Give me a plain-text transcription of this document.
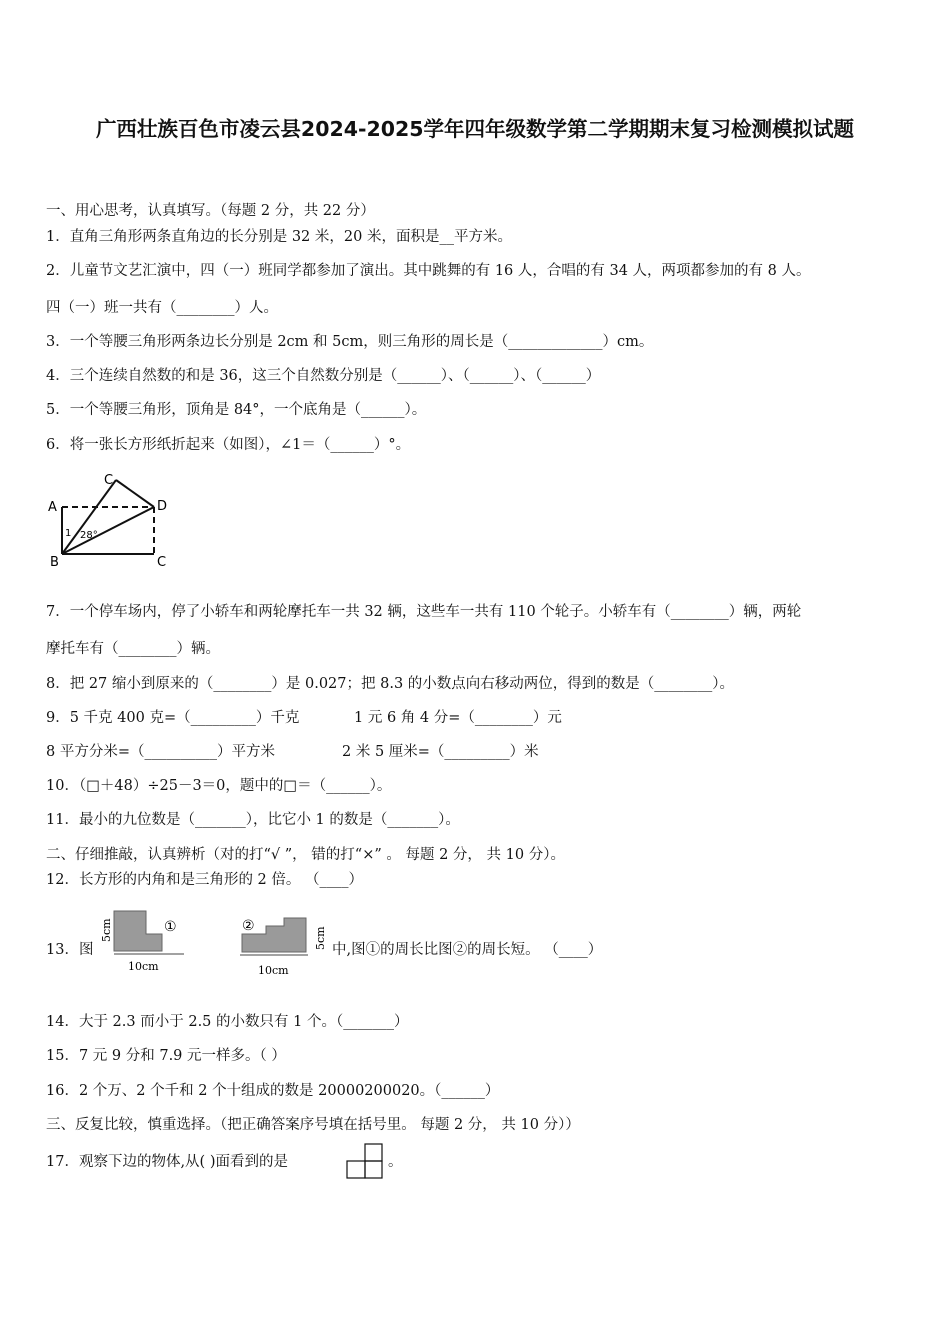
广西壮族百色市凌云县2024-2025学年四年级数学第二学期期末复习检测模拟试题
一、用心思考，认真填写。（每题 2 分，共 22 分）
1．直角三角形两条直角边的长分别是 32 米，20 米，面积是__平方米。
2．儿童节文艺汇演中，四（一）班同学都参加了演出。其中跳舞的有 16 人，合唱的有 34 人，两项都参加的有 8 人。
四（一）班一共有（________）人。
3．一个等腰三角形两条边长分别是 2cm 和 5cm，则三角形的周长是（_____________）cm。
4．三个连续自然数的和是 36，这三个自然数分别是（______）、（______）、（______）
5．一个等腰三角形，顶角是 84°，一个底角是（______）。
6．将一张长方形纸折起来（如图），∠1＝（______）°。
A
B
C
C
D
1 28°
7．一个停车场内，停了小轿车和两轮摩托车一共 32 辆，这些车一共有 110 个轮子。小轿车有（________）辆，两轮
摩托车有（________）辆。
8．把 27 缩小到原来的（________）是 0.027；把 8.3 的小数点向右移动两位，得到的数是（________）。
9．5 千克 400 克=（_________）千克	1 元 6 角 4 分=（________）元
8 平方分米=（__________）平方米	2 米 5 厘米=（_________）米
10．（□＋48）÷25－3＝0，题中的□＝（______）。
11．最小的九位数是（_______），比它小 1 的数是（_______）。
二、仔细推敲，认真辨析（对的打“√ ”， 错的打“×” 。 每题 2 分， 共 10 分）。
12．长方形的内角和是三角形的 2 倍。 （____）
13．图
①
5cm
10cm
②
5cm
10cm
中,图①的周长比图②的周长短。 （____）
14．大于 2.3 而小于 2.5 的小数只有 1 个。（_______）
15．7 元 9 分和 7.9 元一样多。（ ）
16．2 个万、2 个千和 2 个十组成的数是 20000200020。（______）
三、反复比较，慎重选择。（把正确答案序号填在括号里。 每题 2 分， 共 10 分））
17．观察下边的物体,从( )面看到的是	。
